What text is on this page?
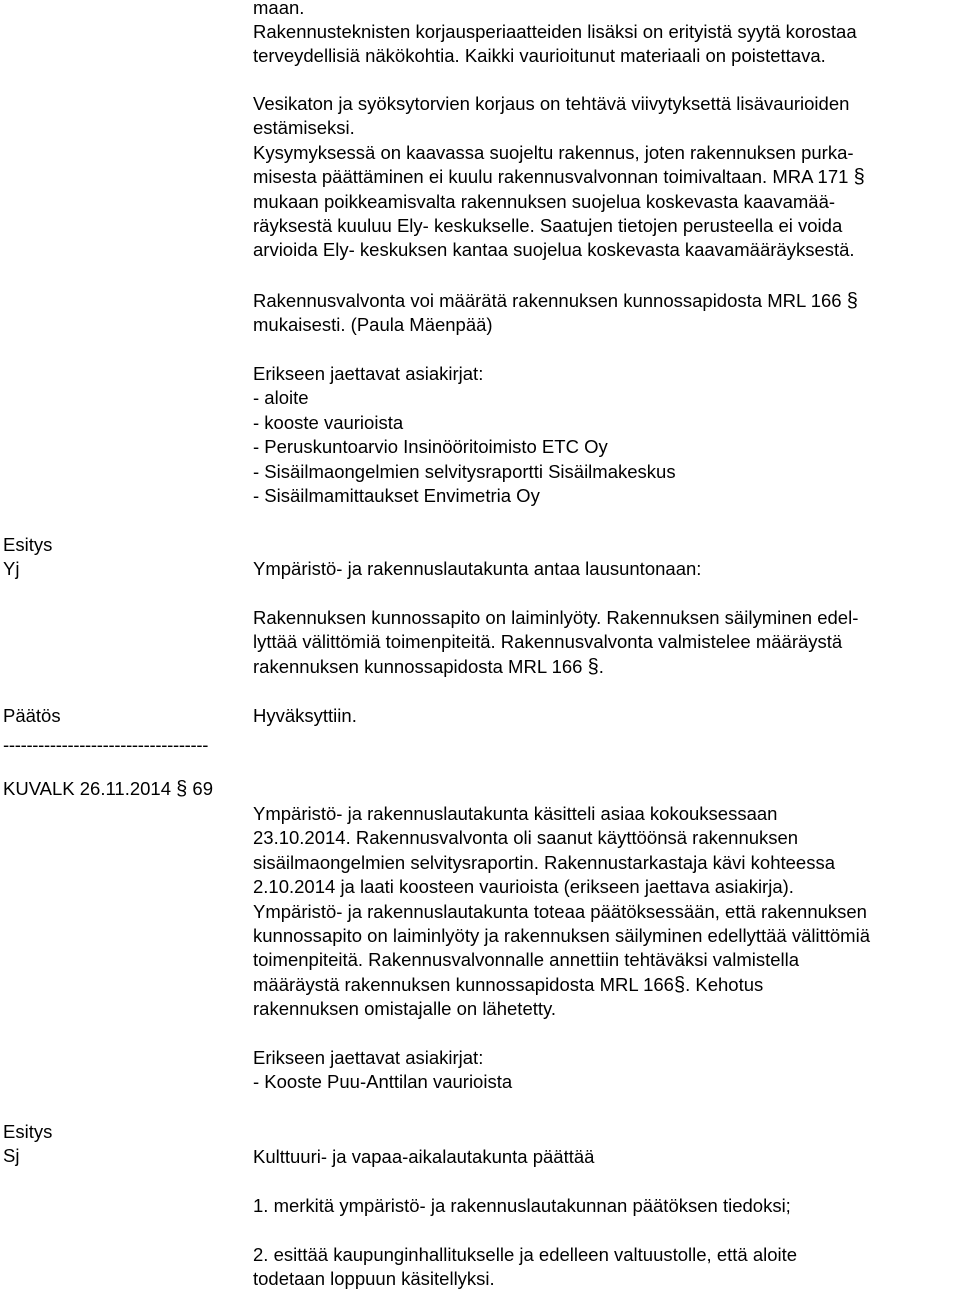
maan.

Rakennusteknisten korjausperiaatteiden lisäksi on erityistä syytä korostaa

terveydellisiä näkökohtia. Kaikki vaurioitunut materiaali on poistettava.

Vesikaton ja syöksytorvien korjaus on tehtävä viivytyksettä lisävaurioiden

estämiseksi.

Kysymyksessä on kaavassa suojeltu rakennus, joten rakennuksen purka-

misesta päättäminen ei kuulu rakennusvalvonnan toimivaltaan. MRA 171 §

mukaan poikkeamisvalta rakennuksen suojelua koskevasta kaavamää-

räyksestä kuuluu Ely- keskukselle. Saatujen tietojen perusteella ei voida

arvioida Ely- keskuksen kantaa suojelua koskevasta kaavamääräyksestä.

Rakennusvalvonta voi määrätä rakennuksen kunnossapidosta MRL 166 §

mukaisesti. (Paula Mäenpää)

Erikseen jaettavat asiakirjat:

- aloite

- kooste vaurioista

- Peruskuntoarvio Insinööritoimisto ETC Oy

- Sisäilmaongelmien selvitysraportti Sisäilmakeskus

- Sisäilmamittaukset Envimetria Oy

Esitys

Yj	Ympäristö- ja rakennuslautakunta antaa lausuntonaan:

Rakennuksen kunnossapito on laiminlyöty. Rakennuksen säilyminen edel-

lyttää välittömiä toimenpiteitä. Rakennusvalvonta valmistelee määräystä

rakennuksen kunnossapidosta MRL 166 §.

Päätös	Hyväksyttiin.

-----------------------------------

KUVALK 26.11.2014 § 69

Ympäristö- ja rakennuslautakunta käsitteli asiaa kokouksessaan

23.10.2014. Rakennusvalvonta oli saanut käyttöönsä rakennuksen

sisäilmaongelmien selvitysraportin. Rakennustarkastaja kävi kohteessa

2.10.2014 ja laati koosteen vaurioista (erikseen jaettava asiakirja).

Ympäristö- ja rakennuslautakunta toteaa päätöksessään, että rakennuksen

kunnossapito on laiminlyöty ja rakennuksen säilyminen edellyttää välittömiä

toimenpiteitä. Rakennusvalvonnalle annettiin tehtäväksi valmistella

määräystä rakennuksen kunnossapidosta MRL 166§. Kehotus

rakennuksen omistajalle on lähetetty.

Erikseen jaettavat asiakirjat:

- Kooste Puu-Anttilan vaurioista

Esitys

Sj	Kulttuuri- ja vapaa-aikalautakunta päättää

1. merkitä ympäristö- ja rakennuslautakunnan päätöksen tiedoksi;

2. esittää kaupunginhallitukselle ja edelleen valtuustolle, että aloite

todetaan loppuun käsitellyksi.
